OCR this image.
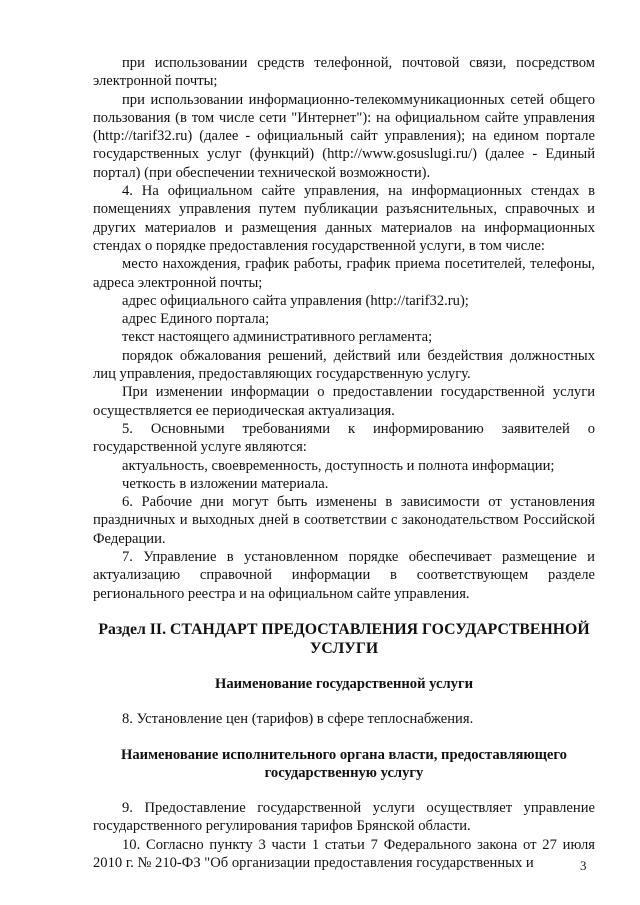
при использовании средств телефонной, почтовой связи, посредством электронной почты;

при использовании информационно-телекоммуникационных сетей общего пользования (в том числе сети "Интернет"): на официальном сайте управления (http://tarif32.ru) (далее - официальный сайт управления); на едином портале государственных услуг (функций) (http://www.gosuslugi.ru/) (далее - Единый портал) (при обеспечении технической возможности).

4. На официальном сайте управления, на информационных стендах в помещениях управления путем публикации разъяснительных, справочных и других материалов и размещения данных материалов на информационных стендах о порядке предоставления государственной услуги, в том числе:

место нахождения, график работы, график приема посетителей, телефоны, адреса электронной почты;

адрес официального сайта управления (http://tarif32.ru);

адрес Единого портала;

текст настоящего административного регламента;

порядок обжалования решений, действий или бездействия должностных лиц управления, предоставляющих государственную услугу.

При изменении информации о предоставлении государственной услуги осуществляется ее периодическая актуализация.

5. Основными требованиями к информированию заявителей о государственной услуге являются:

актуальность, своевременность, доступность и полнота информации;

четкость в изложении материала.

6. Рабочие дни могут быть изменены в зависимости от установления праздничных и выходных дней в соответствии с законодательством Российской Федерации.

7. Управление в установленном порядке обеспечивает размещение и актуализацию справочной информации в соответствующем разделе регионального реестра и на официальном сайте управления.

Раздел II. СТАНДАРТ ПРЕДОСТАВЛЕНИЯ ГОСУДАРСТВЕННОЙ УСЛУГИ
Наименование государственной услуги

8. Установление цен (тарифов) в сфере теплоснабжения.

Наименование исполнительного органа власти, предоставляющего государственную услугу

9. Предоставление государственной услуги осуществляет управление государственного регулирования тарифов Брянской области.

10. Согласно пункту 3 части 1 статьи 7 Федерального закона от 27 июля 2010 г. № 210-ФЗ "Об организации предоставления государственных и	3
